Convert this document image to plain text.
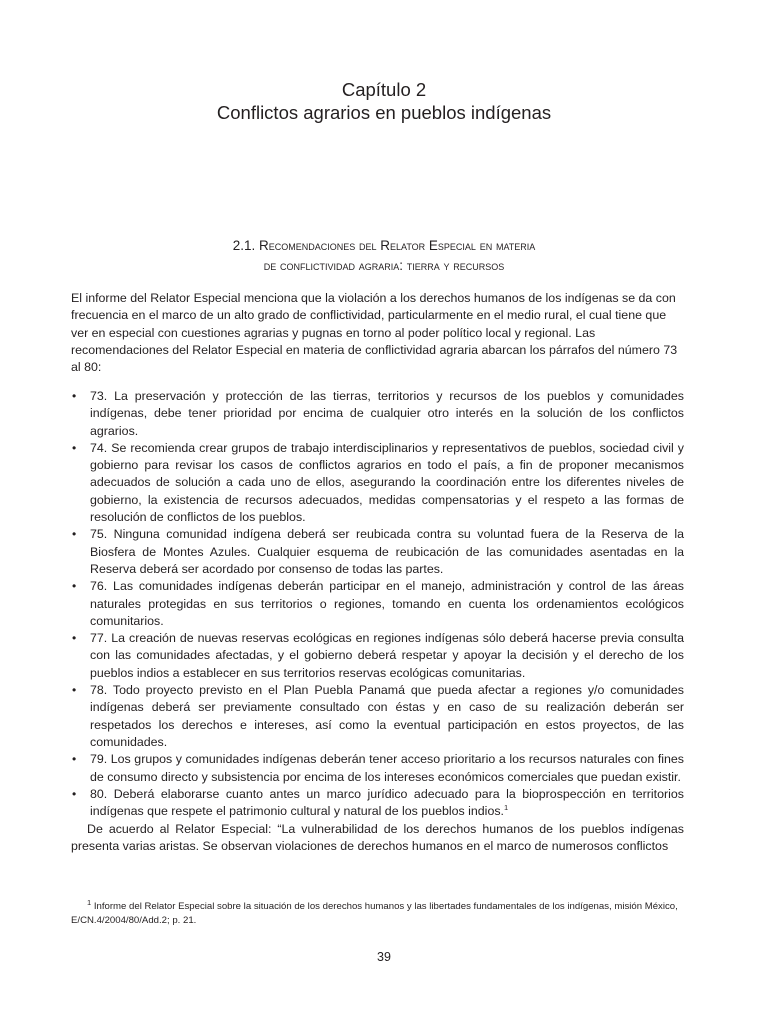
Capítulo 2
Conflictos agrarios en pueblos indígenas
2.1. Recomendaciones del Relator Especial en materia
de conflictividad agraria: tierra y recursos

El informe del Relator Especial menciona que la violación a los derechos humanos de los indígenas se da con frecuencia en el marco de un alto grado de conflictividad, particularmente en el medio rural, el cual tiene que ver en especial con cuestiones agrarias y pugnas en torno al poder político local y regional. Las recomendaciones del Relator Especial en materia de conflictividad agraria abarcan los párrafos del número 73 al 80:

• 73. La preservación y protección de las tierras, territorios y recursos de los pueblos y comunidades indígenas, debe tener prioridad por encima de cualquier otro interés en la solución de los conflictos agrarios.
• 74. Se recomienda crear grupos de trabajo interdisciplinarios y representativos de pueblos, sociedad civil y gobierno para revisar los casos de conflictos agrarios en todo el país, a fin de proponer mecanismos adecuados de solución a cada uno de ellos, asegurando la coordinación entre los diferentes niveles de gobierno, la existencia de recursos adecuados, medidas compensatorias y el respeto a las formas de resolución de conflictos de los pueblos.
• 75. Ninguna comunidad indígena deberá ser reubicada contra su voluntad fuera de la Reserva de la Biosfera de Montes Azules. Cualquier esquema de reubicación de las comunidades asentadas en la Reserva deberá ser acordado por consenso de todas las partes.
• 76. Las comunidades indígenas deberán participar en el manejo, administración y control de las áreas naturales protegidas en sus territorios o regiones, tomando en cuenta los ordenamientos ecológicos comunitarios.
• 77. La creación de nuevas reservas ecológicas en regiones indígenas sólo deberá hacerse previa consulta con las comunidades afectadas, y el gobierno deberá respetar y apoyar la decisión y el derecho de los pueblos indios a establecer en sus territorios reservas ecológicas comunitarias.
• 78. Todo proyecto previsto en el Plan Puebla Panamá que pueda afectar a regiones y/o comunidades indígenas deberá ser previamente consultado con éstas y en caso de su realización deberán ser respetados los derechos e intereses, así como la eventual participación en estos proyectos, de las comunidades.
• 79. Los grupos y comunidades indígenas deberán tener acceso prioritario a los recursos naturales con fines de consumo directo y subsistencia por encima de los intereses económicos comerciales que puedan existir.
• 80. Deberá elaborarse cuanto antes un marco jurídico adecuado para la bioprospección en territorios indígenas que respete el patrimonio cultural y natural de los pueblos indios.$^1$

De acuerdo al Relator Especial: “La vulnerabilidad de los derechos humanos de los pueblos indígenas presenta varias aristas. Se observan violaciones de derechos humanos en el marco de numerosos conflictos

$^1$ Informe del Relator Especial sobre la situación de los derechos humanos y las libertades fundamentales de los indígenas, misión México, E/CN.4/2004/80/Add.2; p. 21.
39
